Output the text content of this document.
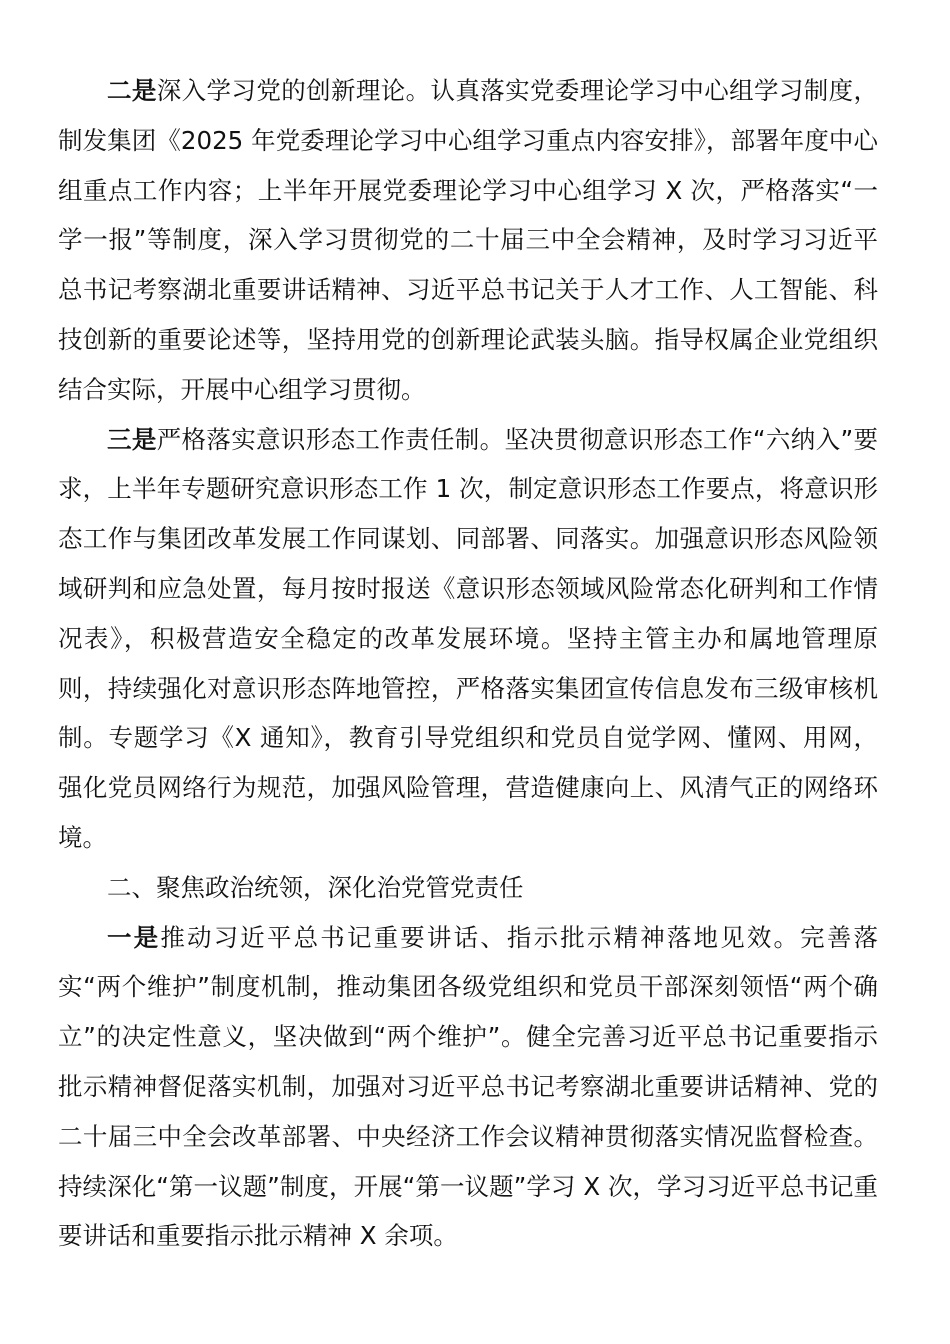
二是深入学习党的创新理论。认真落实党委理论学习中心组学习制度，制发集团《2025 年党委理论学习中心组学习重点内容安排》，部署年度中心组重点工作内容；上半年开展党委理论学习中心组学习 X 次，严格落实“一学一报”等制度，深入学习贯彻党的二十届三中全会精神，及时学习习近平总书记考察湖北重要讲话精神、习近平总书记关于人才工作、人工智能、科技创新的重要论述等，坚持用党的创新理论武装头脑。指导权属企业党组织结合实际，开展中心组学习贯彻。

三是严格落实意识形态工作责任制。坚决贯彻意识形态工作“六纳入”要求，上半年专题研究意识形态工作 1 次，制定意识形态工作要点，将意识形态工作与集团改革发展工作同谋划、同部署、同落实。加强意识形态风险领域研判和应急处置，每月按时报送《意识形态领域风险常态化研判和工作情况表》，积极营造安全稳定的改革发展环境。坚持主管主办和属地管理原则，持续强化对意识形态阵地管控，严格落实集团宣传信息发布三级审核机制。专题学习《X 通知》，教育引导党组织和党员自觉学网、懂网、用网，强化党员网络行为规范，加强风险管理，营造健康向上、风清气正的网络环境。

二、聚焦政治统领，深化治党管党责任

一是推动习近平总书记重要讲话、指示批示精神落地见效。完善落实“两个维护”制度机制，推动集团各级党组织和党员干部深刻领悟“两个确立”的决定性意义，坚决做到“两个维护”。健全完善习近平总书记重要指示批示精神督促落实机制，加强对习近平总书记考察湖北重要讲话精神、党的二十届三中全会改革部署、中央经济工作会议精神贯彻落实情况监督检查。持续深化“第一议题”制度，开展“第一议题”学习 X 次，学习习近平总书记重要讲话和重要指示批示精神 X 余项。
